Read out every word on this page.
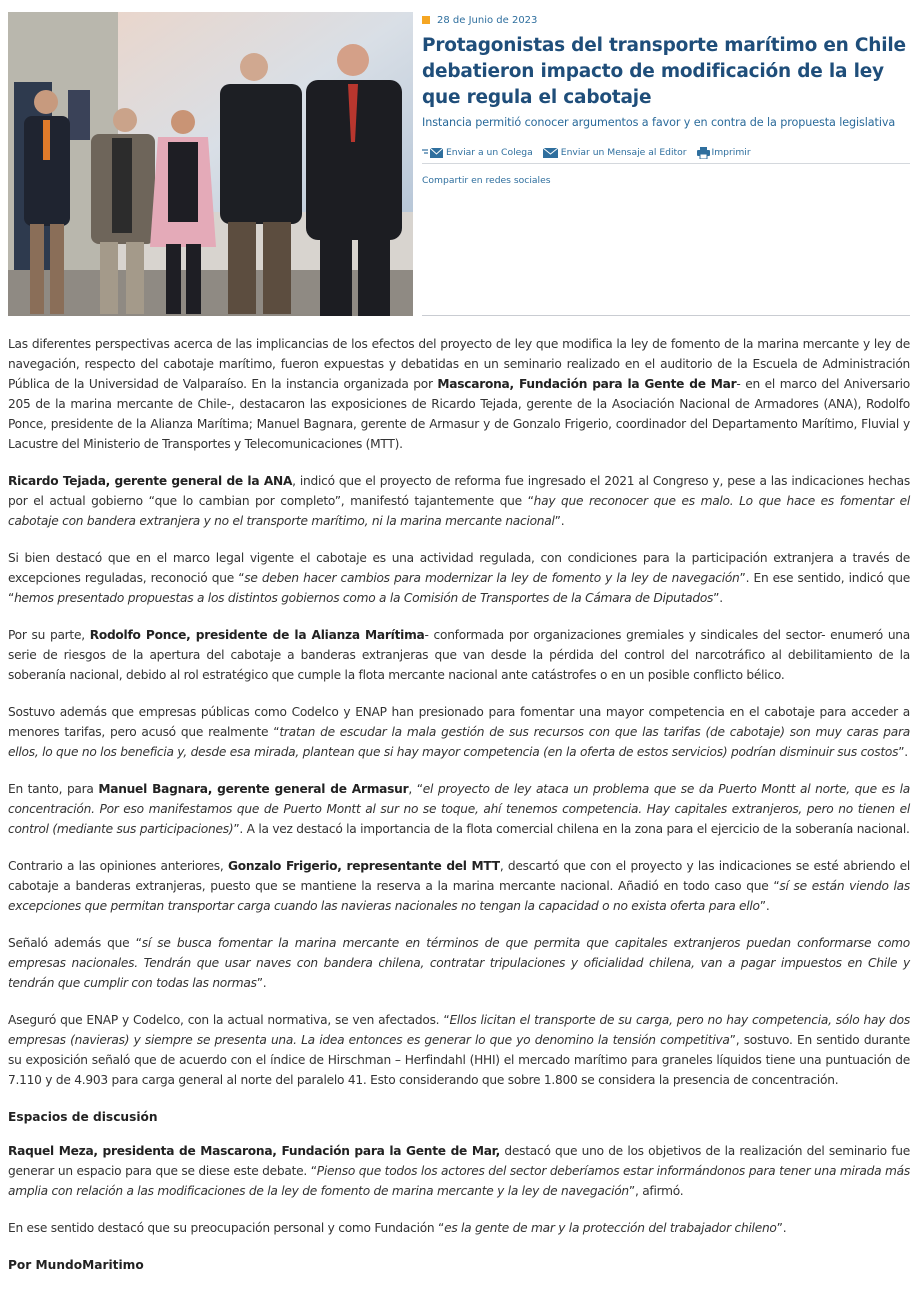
28 de Junio de 2023
Protagonistas del transporte marítimo en Chile debatieron impacto de modificación de la ley que regula el cabotaje
Instancia permitió conocer argumentos a favor y en contra de la propuesta legislativa
Enviar a un Colega	Enviar un Mensaje al Editor	Imprimir
Compartir en redes sociales

Las diferentes perspectivas acerca de las implicancias de los efectos del proyecto de ley que modifica la ley de fomento de la marina mercante y ley de navegación, respecto del cabotaje marítimo, fueron expuestas y debatidas en un seminario realizado en el auditorio de la Escuela de Administración Pública de la Universidad de Valparaíso. En la instancia organizada por Mascarona, Fundación para la Gente de Mar- en el marco del Aniversario 205 de la marina mercante de Chile-, destacaron las exposiciones de Ricardo Tejada, gerente de la Asociación Nacional de Armadores (ANA), Rodolfo Ponce, presidente de la Alianza Marítima; Manuel Bagnara, gerente de Armasur y de Gonzalo Frigerio, coordinador del Departamento Marítimo, Fluvial y Lacustre del Ministerio de Transportes y Telecomunicaciones (MTT).

Ricardo Tejada, gerente general de la ANA, indicó que el proyecto de reforma fue ingresado el 2021 al Congreso y, pese a las indicaciones hechas por el actual gobierno “que lo cambian por completo”, manifestó tajantemente que “hay que reconocer que es malo. Lo que hace es fomentar el cabotaje con bandera extranjera y no el transporte marítimo, ni la marina mercante nacional”.

Si bien destacó que en el marco legal vigente el cabotaje es una actividad regulada, con condiciones para la participación extranjera a través de excepciones reguladas, reconoció que “se deben hacer cambios para modernizar la ley de fomento y la ley de navegación”. En ese sentido, indicó que “hemos presentado propuestas a los distintos gobiernos como a la Comisión de Transportes de la Cámara de Diputados”.

Por su parte, Rodolfo Ponce, presidente de la Alianza Marítima- conformada por organizaciones gremiales y sindicales del sector- enumeró una serie de riesgos de la apertura del cabotaje a banderas extranjeras que van desde la pérdida del control del narcotráfico al debilitamiento de la soberanía nacional, debido al rol estratégico que cumple la flota mercante nacional ante catástrofes o en un posible conflicto bélico.

Sostuvo además que empresas públicas como Codelco y ENAP han presionado para fomentar una mayor competencia en el cabotaje para acceder a menores tarifas, pero acusó que realmente “tratan de escudar la mala gestión de sus recursos con que las tarifas (de cabotaje) son muy caras para ellos, lo que no los beneficia y, desde esa mirada, plantean que si hay mayor competencia (en la oferta de estos servicios) podrían disminuir sus costos”.

En tanto, para Manuel Bagnara, gerente general de Armasur, “el proyecto de ley ataca un problema que se da Puerto Montt al norte, que es la concentración. Por eso manifestamos que de Puerto Montt al sur no se toque, ahí tenemos competencia. Hay capitales extranjeros, pero no tienen el control (mediante sus participaciones)”. A la vez destacó la importancia de la flota comercial chilena en la zona para el ejercicio de la soberanía nacional.

Contrario a las opiniones anteriores, Gonzalo Frigerio, representante del MTT, descartó que con el proyecto y las indicaciones se esté abriendo el cabotaje a banderas extranjeras, puesto que se mantiene la reserva a la marina mercante nacional. Añadió en todo caso que “sí se están viendo las excepciones que permitan transportar carga cuando las navieras nacionales no tengan la capacidad o no exista oferta para ello”.

Señaló además que “sí se busca fomentar la marina mercante en términos de que permita que capitales extranjeros puedan conformarse como empresas nacionales. Tendrán que usar naves con bandera chilena, contratar tripulaciones y oficialidad chilena, van a pagar impuestos en Chile y tendrán que cumplir con todas las normas”.

Aseguró que ENAP y Codelco, con la actual normativa, se ven afectados. “Ellos licitan el transporte de su carga, pero no hay competencia, sólo hay dos empresas (navieras) y siempre se presenta una. La idea entonces es generar lo que yo denomino la tensión competitiva”, sostuvo. En sentido durante su exposición señaló que de acuerdo con el índice de Hirschman – Herfindahl (HHI) el mercado marítimo para graneles líquidos tiene una puntuación de 7.110 y de 4.903 para carga general al norte del paralelo 41. Esto considerando que sobre 1.800 se considera la presencia de concentración.

Espacios de discusión

Raquel Meza, presidenta de Mascarona, Fundación para la Gente de Mar, destacó que uno de los objetivos de la realización del seminario fue generar un espacio para que se diese este debate. “Pienso que todos los actores del sector deberíamos estar informándonos para tener una mirada más amplia con relación a las modificaciones de la ley de fomento de marina mercante y la ley de navegación”, afirmó.

En ese sentido destacó que su preocupación personal y como Fundación “es la gente de mar y la protección del trabajador chileno”.

Por MundoMaritimo
